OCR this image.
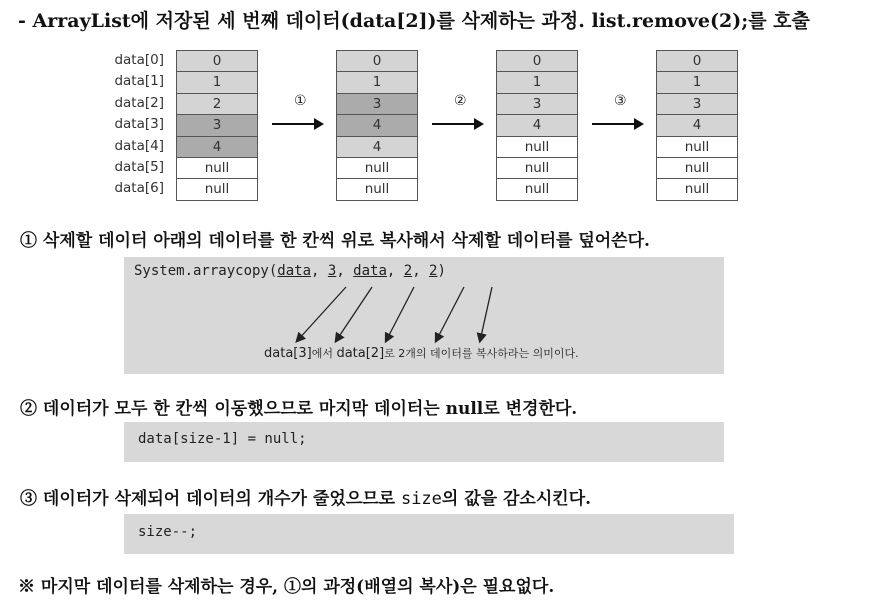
- ArrayList에 저장된 세 번째 데이터(data[2])를 삭제하는 과정. list.remove(2);를 호출
data[0]
data[1]
data[2]
data[3]
data[4]
data[5]
data[6]
0
1
2
3
4
null
null
0
1
3
4
4
null
null
0
1
3
4
null
null
null
0
1
3
4
null
null
null
①	②	③
① 삭제할 데이터 아래의 데이터를 한 칸씩 위로 복사해서 삭제할 데이터를 덮어쓴다.
System.arraycopy(data, 3, data, 2, 2)
data[3]에서 data[2]로 2개의 데이터를 복사하라는 의미이다.
② 데이터가 모두 한 칸씩 이동했으므로 마지막 데이터는 null로 변경한다.
data[size-1] = null;
③ 데이터가 삭제되어 데이터의 개수가 줄었으므로 size의 값을 감소시킨다.
size--;
※ 마지막 데이터를 삭제하는 경우, ①의 과정(배열의 복사)은 필요없다.
